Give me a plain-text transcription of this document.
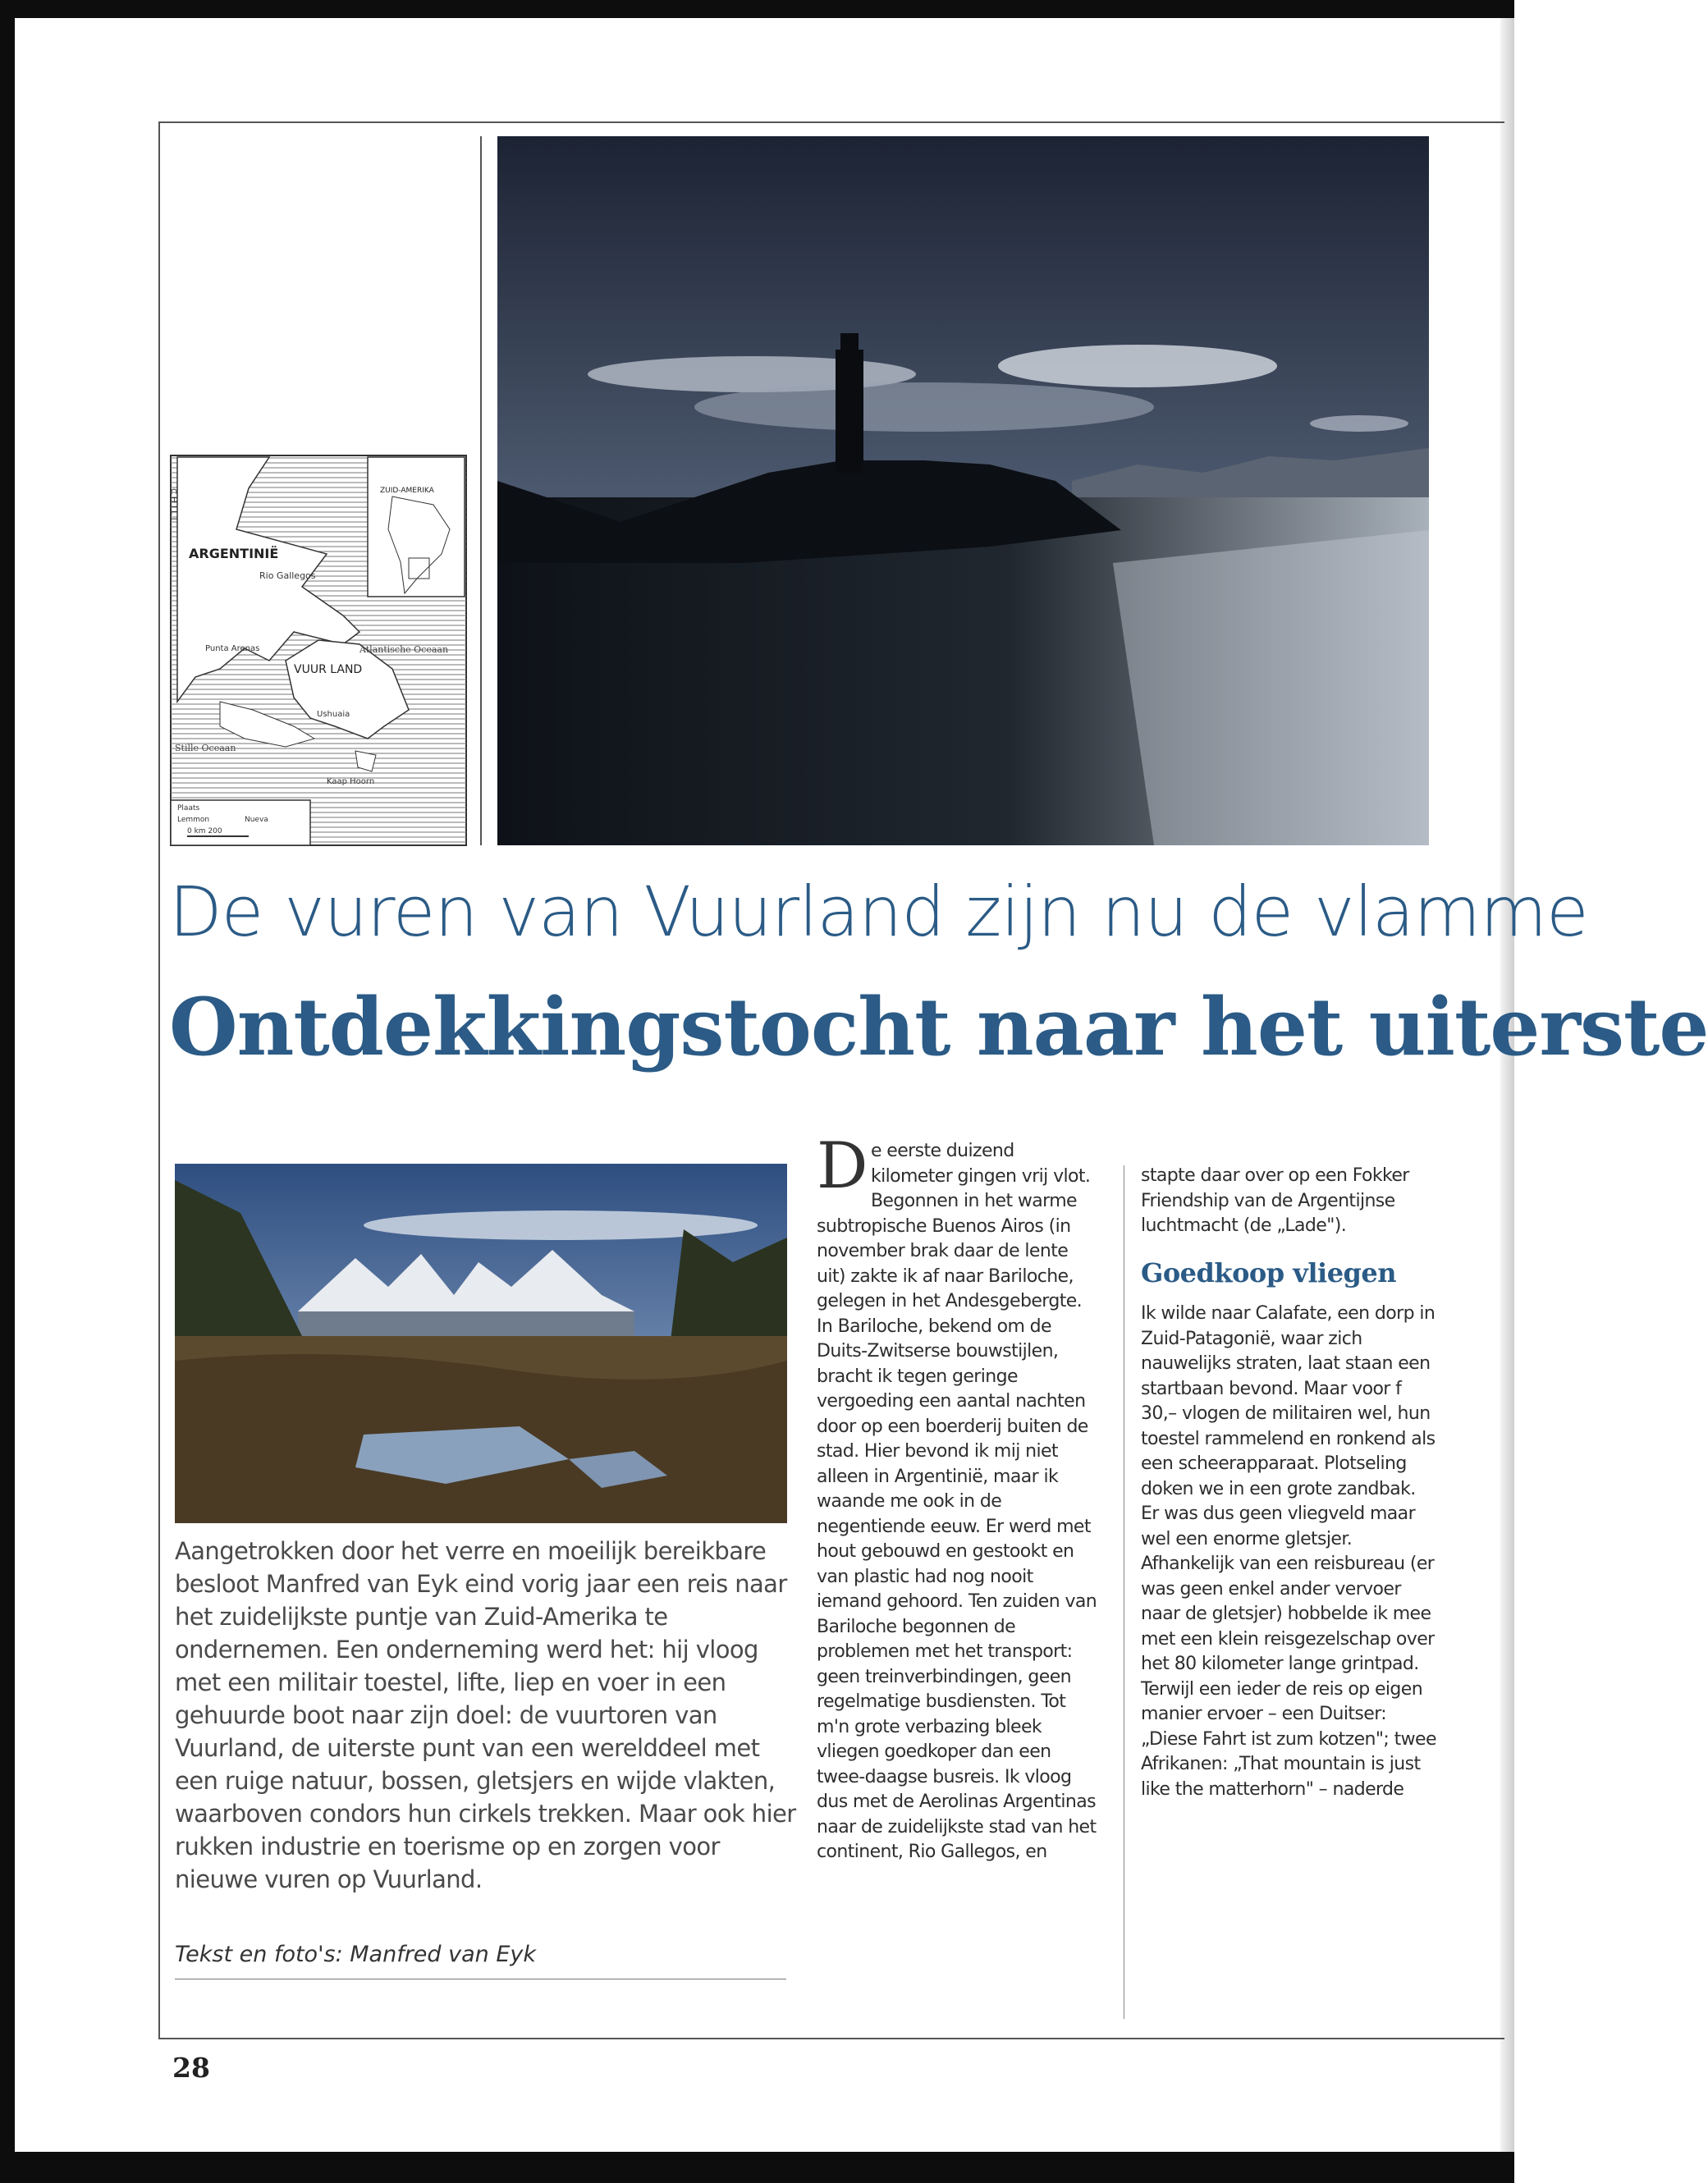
ARGENTINIË
ZUID-AMERIKA
Rio Gallegos
Punta Arenas
VUUR LAND
Ushuaia
Atlantische Oceaan
Stille Oceaan
Kaap Hoorn
Plaats
Lemmon	Nueva
0 km 200
C H I L I
De vuren van Vuurland zijn nu de vlamme
Ontdekkingstocht naar het uiterste

Aangetrokken door het verre en moeilijk bereikbare besloot Manfred van Eyk eind vorig jaar een reis naar het zuidelijkste puntje van Zuid-Amerika te ondernemen. Een onderneming werd het: hij vloog met een militair toestel, lifte, liep en voer in een gehuurde boot naar zijn doel: de vuurtoren van Vuurland, de uiterste punt van een werelddeel met een ruige natuur, bossen, gletsjers en wijde vlakten, waarboven condors hun cirkels trekken. Maar ook hier rukken industrie en toerisme op en zorgen voor nieuwe vuren op Vuurland.

Tekst en foto's: Manfred van Eyk
D e eerste duizend kilometer gingen vrij vlot. Begonnen in het warme subtropische Buenos Airos (in november brak daar de lente uit) zakte ik af naar Bariloche, gelegen in het Andesgebergte. In Bariloche, bekend om de Duits-Zwitserse bouwstijlen, bracht ik tegen geringe vergoeding een aantal nachten door op een boerderij buiten de stad. Hier bevond ik mij niet alleen in Argentinië, maar ik waande me ook in de negentiende eeuw. Er werd met hout gebouwd en gestookt en van plastic had nog nooit iemand gehoord. Ten zuiden van Bariloche begonnen de problemen met het transport: geen treinverbindingen, geen regelmatige busdiensten. Tot m'n grote verbazing bleek vliegen goedkoper dan een twee-daagse busreis. Ik vloog dus met de Aerolinas Argentinas naar de zuidelijkste stad van het continent, Rio Gallegos, en

stapte daar over op een Fokker Friendship van de Argentijnse luchtmacht (de „Lade").

Goedkoop vliegen

Ik wilde naar Calafate, een dorp in Zuid-Patagonië, waar zich nauwelijks straten, laat staan een startbaan bevond. Maar voor f 30,– vlogen de militairen wel, hun toestel rammelend en ronkend als een scheerapparaat. Plotseling doken we in een grote zandbak. Er was dus geen vliegveld maar wel een enorme gletsjer. Afhankelijk van een reisbureau (er was geen enkel ander vervoer naar de gletsjer) hobbelde ik mee met een klein reisgezelschap over het 80 kilometer lange grintpad. Terwijl een ieder de reis op eigen manier ervoer – een Duitser: „Diese Fahrt ist zum kotzen"; twee Afrikanen: „That mountain is just like the matterhorn" – naderde

28
